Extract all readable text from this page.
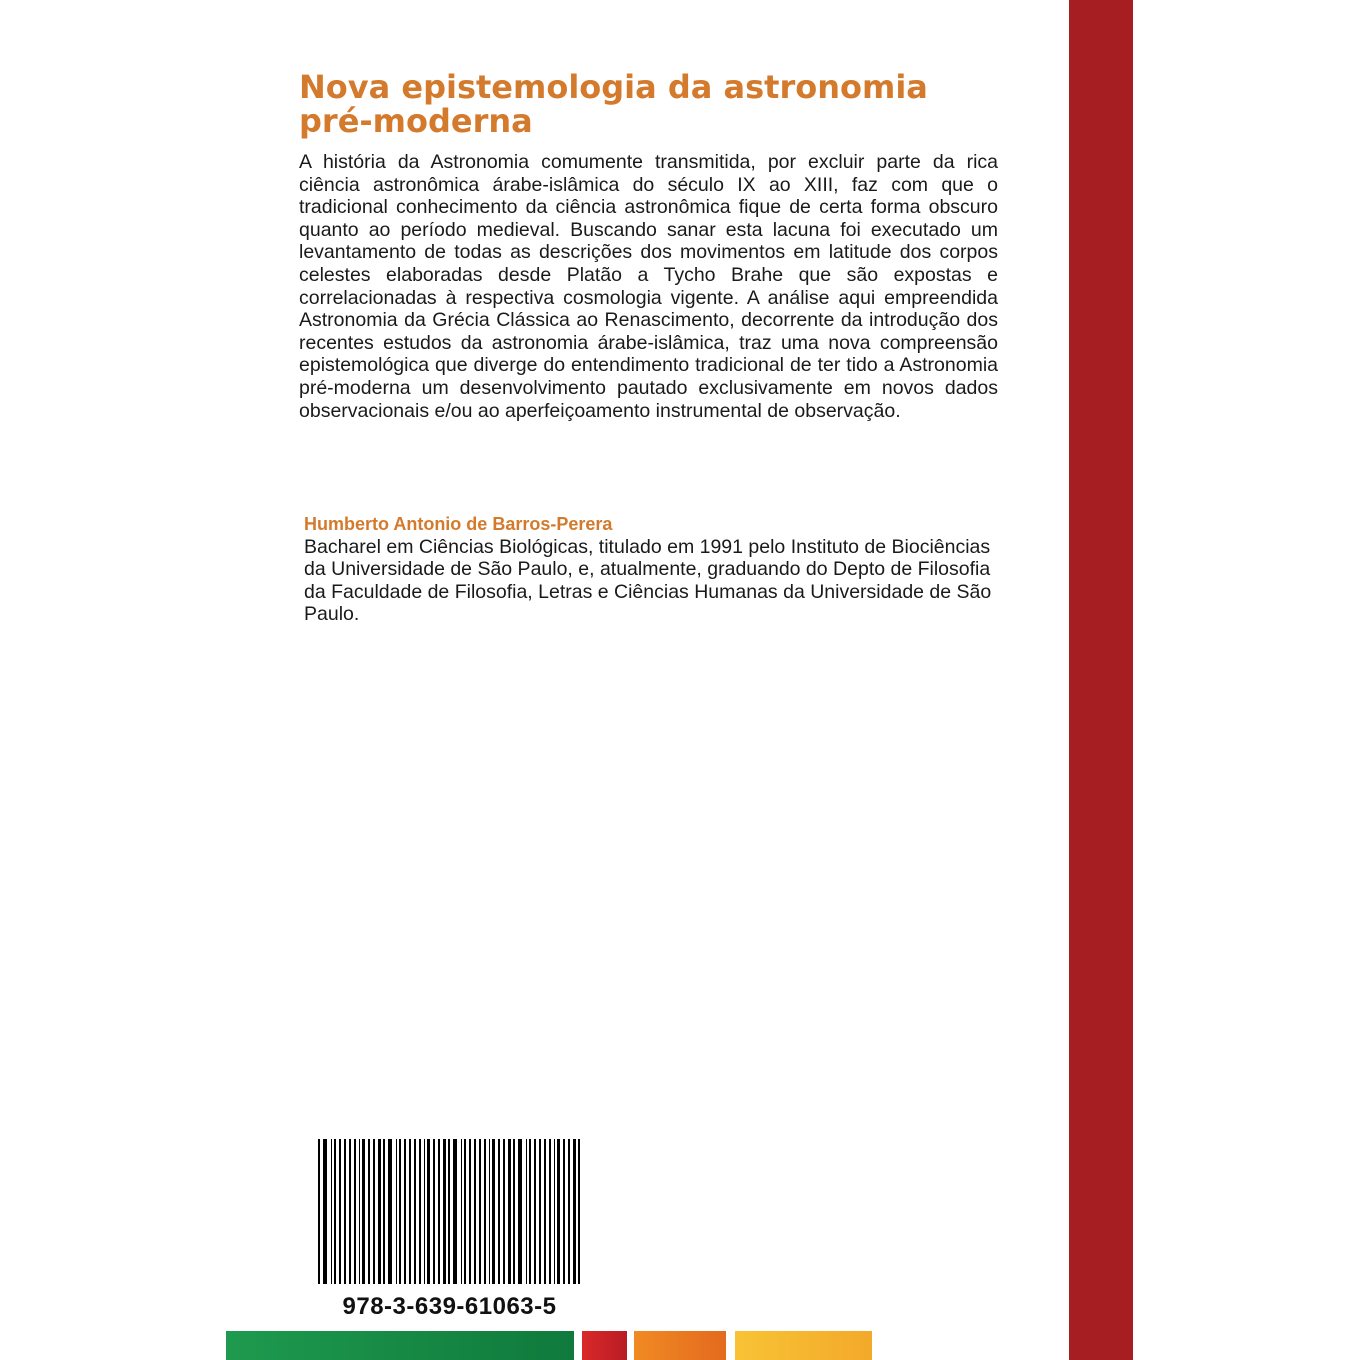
Nova epistemologia da astronomia pré-moderna

A história da Astronomia comumente transmitida, por excluir parte da rica ciência astronômica árabe-islâmica do século IX ao XIII, faz com que o tradicional conhecimento da ciência astronômica fique de certa forma obscuro quanto ao período medieval. Buscando sanar esta lacuna foi executado um levantamento de todas as descrições dos movimentos em latitude dos corpos celestes elaboradas desde Platão a Tycho Brahe que são expostas e correlacionadas à respectiva cosmologia vigente. A análise aqui empreendida Astronomia da Grécia Clássica ao Renascimento, decorrente da introdução dos recentes estudos da astronomia árabe-islâmica, traz uma nova compreensão epistemológica que diverge do entendimento tradicional de ter tido a Astronomia pré-moderna um desenvolvimento pautado exclusivamente em novos dados observacionais e/ou ao aperfeiçoamento instrumental de observação.

Humberto Antonio de Barros-Perera
Bacharel em Ciências Biológicas, titulado em 1991 pelo Instituto de Biociências da Universidade de São Paulo, e, atualmente, graduando do Depto de Filosofia da Faculdade de Filosofia, Letras e Ciências Humanas da Universidade de São Paulo.
978-3-639-61063-5
